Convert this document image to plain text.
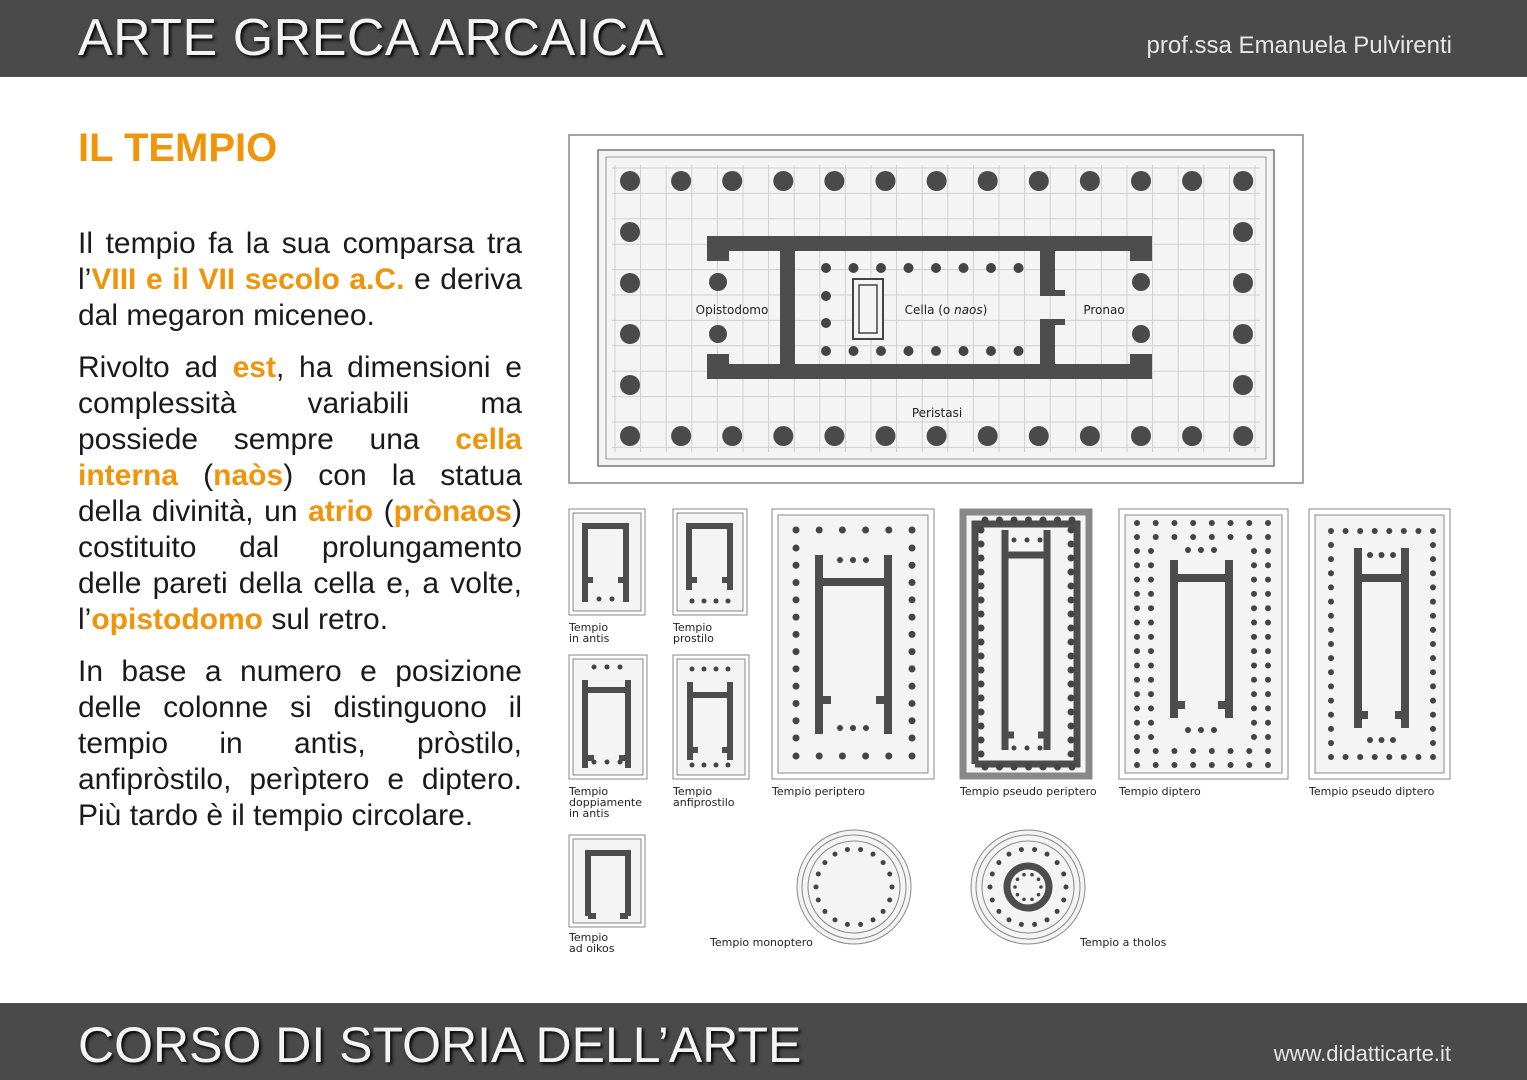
ARTE GRECA ARCAICA	prof.ssa Emanuela Pulvirenti
IL TEMPIO

Il tempio fa la sua comparsa tra l’VIII e il VII secolo a.C. e deriva dal megaron miceneo.

Rivolto ad est, ha dimensioni e complessità variabili ma possiede sempre una cella interna (naòs) con la statua della divinità, un atrio (prònaos) costituito dal prolungamento delle pareti della cella e, a volte, l’opistodomo sul retro.

In base a numero e posizione delle colonne si distinguono il tempio in antis, pròstilo, anfipròstilo, perìptero e diptero. Più tardo è il tempio circolare.

Opistodomo	Cella (o naos)	Pronao
Peristasi
Tempio in antis
Tempio prostilo
Tempio doppiamente in antis
Tempio anfiprostilo
Tempio periptero	Tempio pseudo periptero Tempio diptero	Tempio pseudo diptero
Tempio ad oikos	Tempio monoptero	Tempio a tholos
CORSO DI STORIA DELL’ARTE	www.didatticarte.it
